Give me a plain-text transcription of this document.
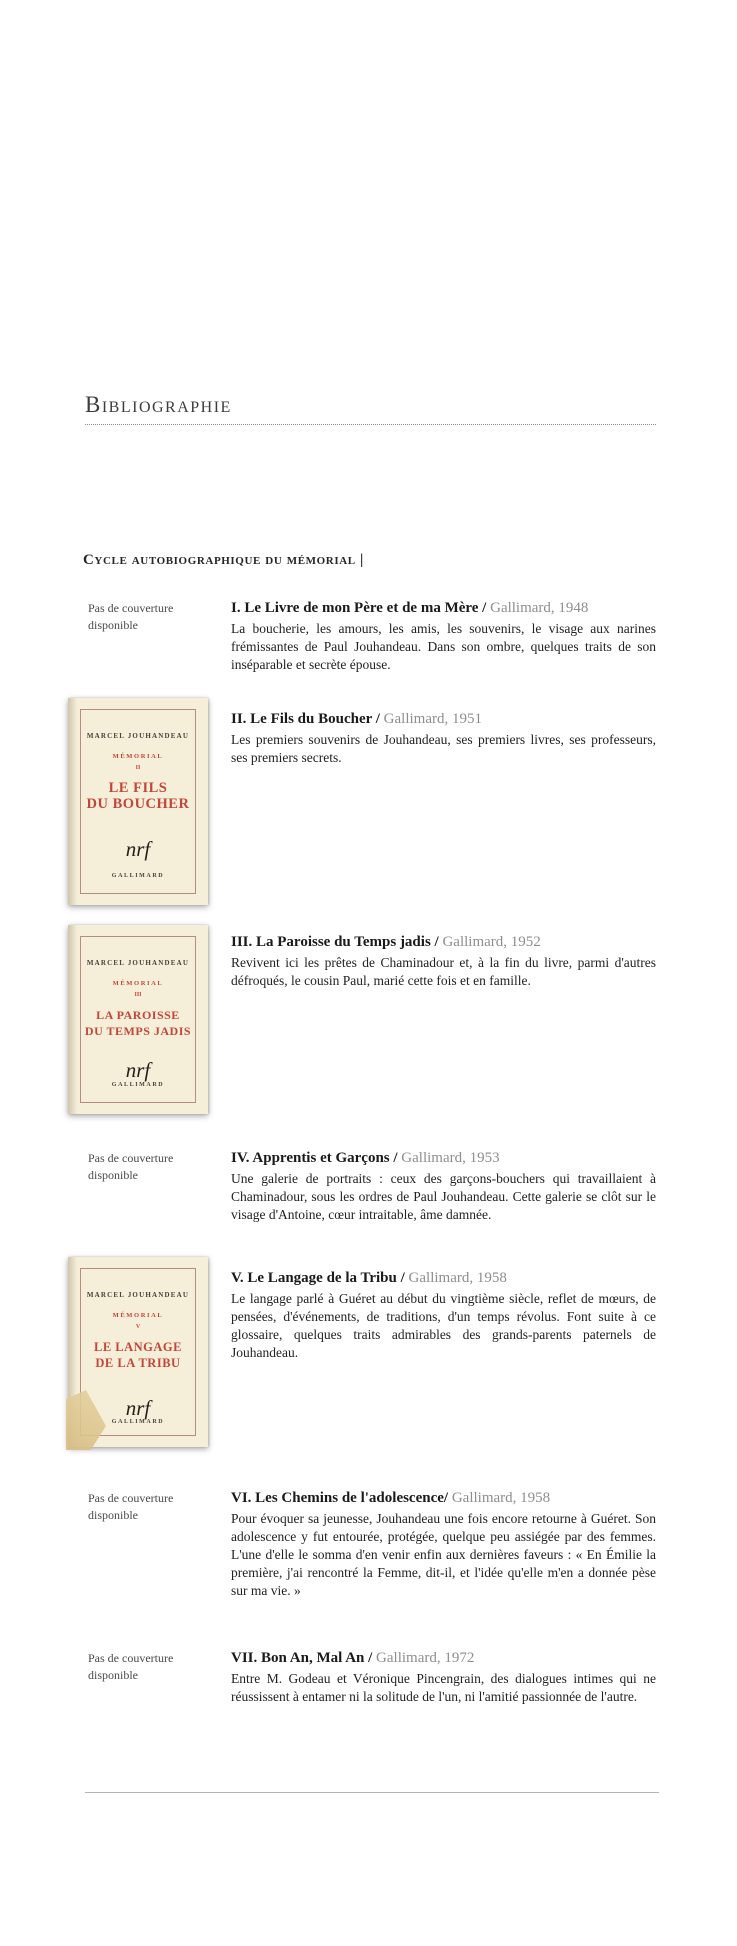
Bibliographie
Cycle autobiographique du mémorial |
Pas de couverture disponible
I. Le Livre de mon Père et de ma Mère / Gallimard, 1948

La boucherie, les amours, les amis, les souvenirs, le visage aux narines frémissantes de Paul Jouhandeau. Dans son ombre, quelques traits de son inséparable et secrète épouse.

MARCEL JOUHANDEAU
MÉMORIAL
II
LE FILS
DU BOUCHER
nrf
GALLIMARD
II. Le Fils du Boucher / Gallimard, 1951

Les premiers souvenirs de Jouhandeau, ses premiers livres, ses professeurs, ses premiers secrets.

MARCEL JOUHANDEAU
MÉMORIAL
III
LA PAROISSE
DU TEMPS JADIS
nrf
GALLIMARD
III. La Paroisse du Temps jadis / Gallimard, 1952

Revivent ici les prêtes de Chaminadour et, à la fin du livre, parmi d'autres défroqués, le cousin Paul, marié cette fois et en famille.

Pas de couverture disponible
IV. Apprentis et Garçons / Gallimard, 1953

Une galerie de portraits : ceux des garçons-bouchers qui travaillaient à Chaminadour, sous les ordres de Paul Jouhandeau. Cette galerie se clôt sur le visage d'Antoine, cœur intraitable, âme damnée.

MARCEL JOUHANDEAU
MÉMORIAL
V
LE LANGAGE
DE LA TRIBU
nrf
GALLIMARD
V. Le Langage de la Tribu / Gallimard, 1958

Le langage parlé à Guéret au début du vingtième siècle, reflet de mœurs, de pensées, d'événements, de traditions, d'un temps révolus. Font suite à ce glossaire, quelques traits admirables des grands-parents paternels de Jouhandeau.

Pas de couverture disponible
VI. Les Chemins de l'adolescence/ Gallimard, 1958

Pour évoquer sa jeunesse, Jouhandeau une fois encore retourne à Guéret. Son adolescence y fut entourée, protégée, quelque peu assiégée par des femmes. L'une d'elle le somma d'en venir enfin aux dernières faveurs : « En Émilie la première, j'ai rencontré la Femme, dit-il, et l'idée qu'elle m'en a donnée pèse sur ma vie. »

Pas de couverture disponible
VII. Bon An, Mal An / Gallimard, 1972

Entre M. Godeau et Véronique Pincengrain, des dialogues intimes qui ne réussissent à entamer ni la solitude de l'un, ni l'amitié passionnée de l'autre.
